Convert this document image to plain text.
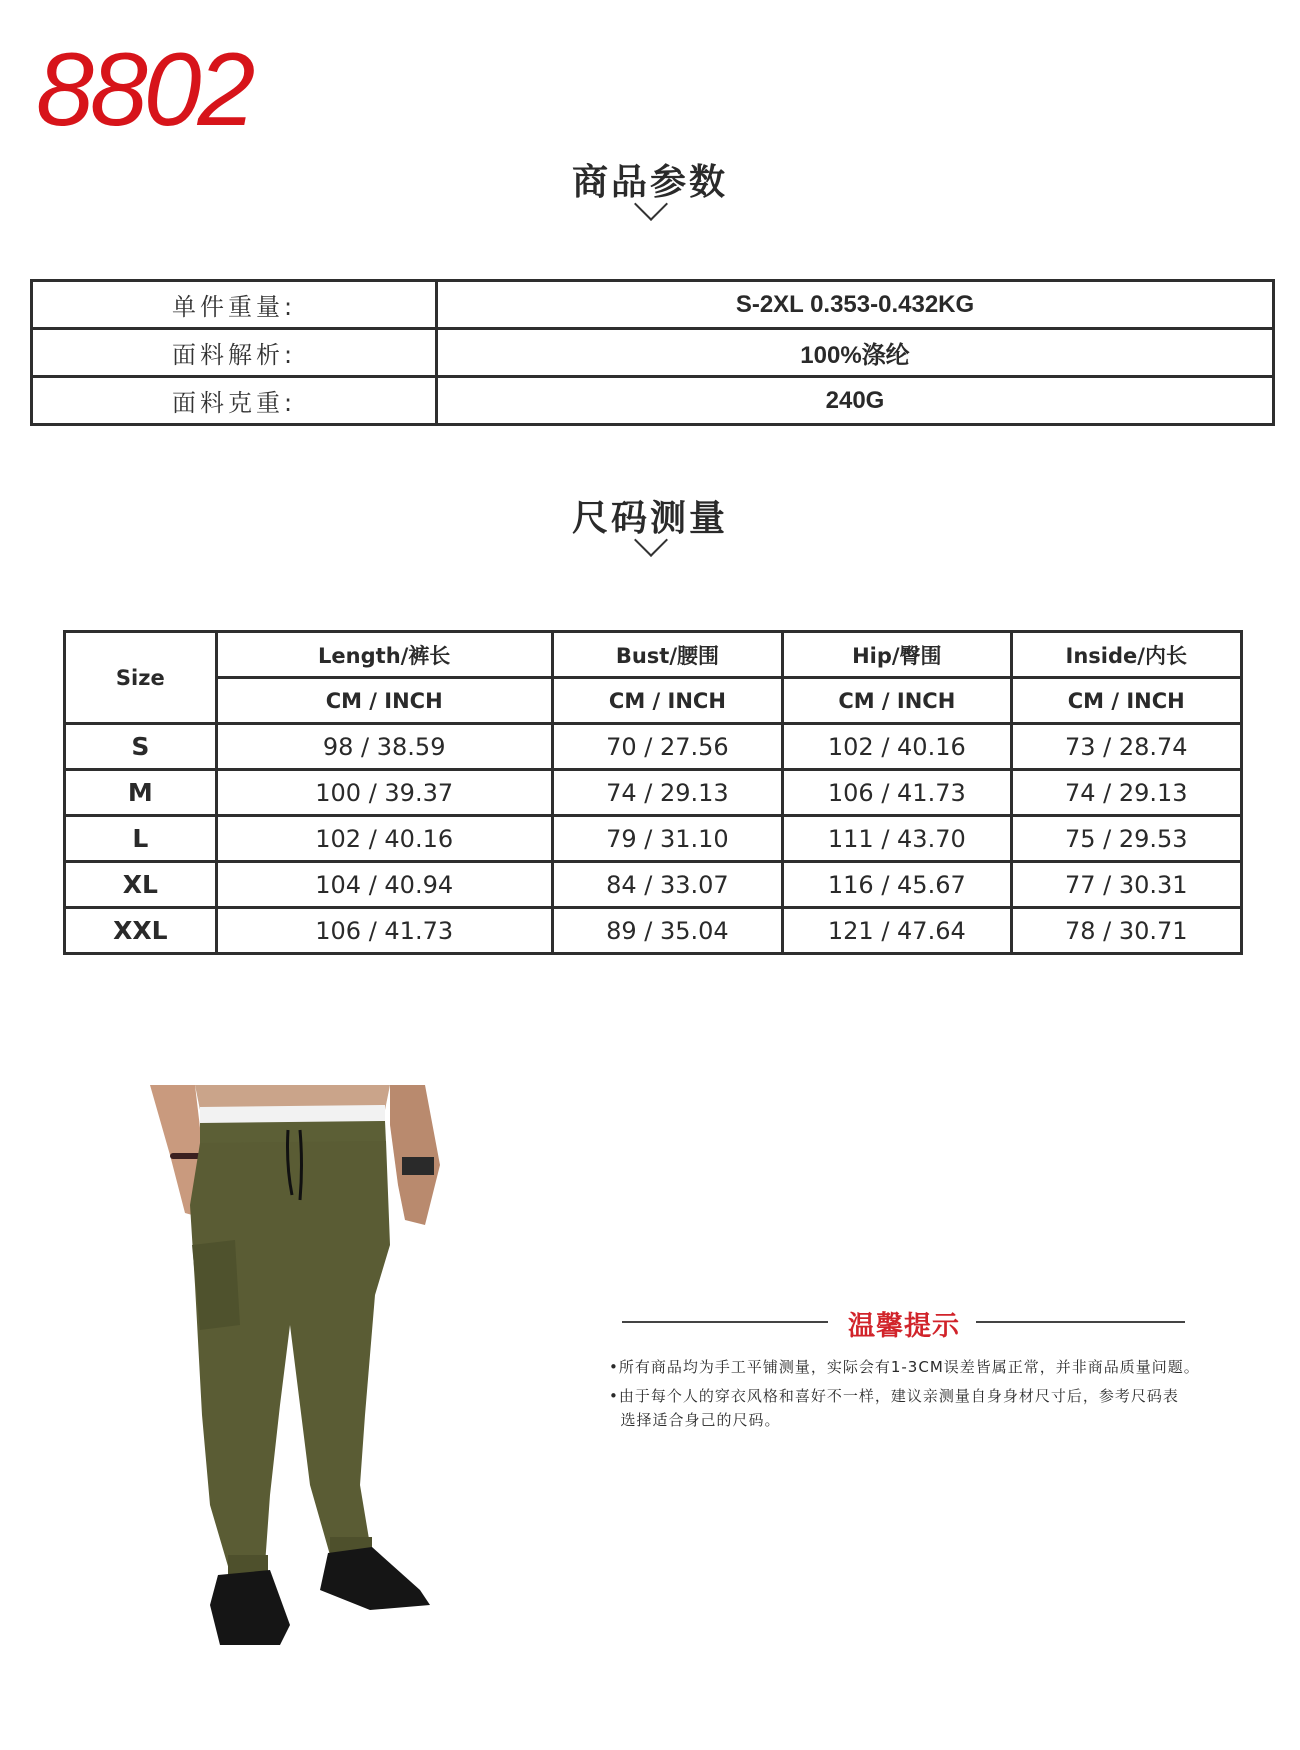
8802
商品参数
单件重量:	S-2XL 0.353-0.432KG
面料解析:	100%涤纶
面料克重:	240G
尺码测量
Size	Length/裤长	Bust/腰围	Hip/臀围	Inside/内长
	CM / INCH	CM / INCH	CM / INCH	CM / INCH
S	98 / 38.59	70 / 27.56	102 / 40.16	73 / 28.74
M	100 / 39.37	74 / 29.13	106 / 41.73	74 / 29.13
L	102 / 40.16	79 / 31.10	111 / 43.70	75 / 29.53
XL	104 / 40.94	84 / 33.07	116 / 45.67	77 / 30.31
XXL	106 / 41.73	89 / 35.04	121 / 47.64	78 / 30.71
温馨提示
•所有商品均为手工平铺测量，实际会有1-3CM误差皆属正常，并非商品质量问题。
•由于每个人的穿衣风格和喜好不一样，建议亲测量自身身材尺寸后，参考尺码表
选择适合身己的尺码。
